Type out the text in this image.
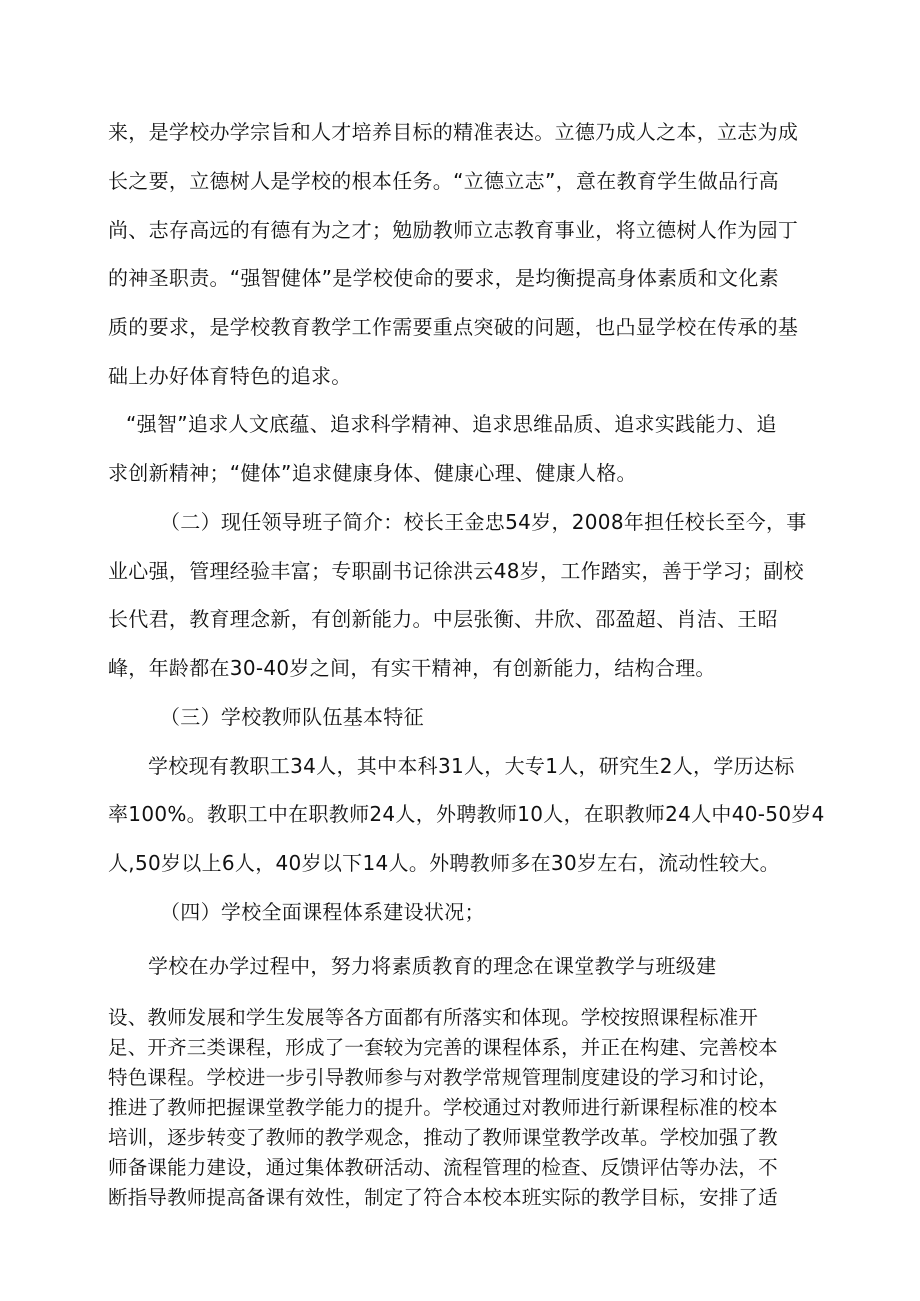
来，是学校办学宗旨和人才培养目标的精准表达。立德乃成人之本，立志为成
长之要，立德树人是学校的根本任务。“立德立志”，意在教育学生做品行高
尚、志存高远的有德有为之才；勉励教师立志教育事业，将立德树人作为园丁
的神圣职责。“强智健体”是学校使命的要求，是均衡提高身体素质和文化素
质的要求，是学校教育教学工作需要重点突破的问题，也凸显学校在传承的基
础上办好体育特色的追求。
“强智”追求人文底蕴、追求科学精神、追求思维品质、追求实践能力、追
求创新精神；“健体”追求健康身体、健康心理、健康人格。
（二）现任领导班子简介：校长王金忠54岁，2008年担任校长至今，事
业心强，管理经验丰富；专职副书记徐洪云48岁，工作踏实，善于学习；副校
长代君，教育理念新，有创新能力。中层张衡、井欣、邵盈超、肖洁、王昭
峰，年龄都在30-40岁之间，有实干精神，有创新能力，结构合理。
（三）学校教师队伍基本特征
学校现有教职工34人，其中本科31人，大专1人，研究生2人，学历达标
率100%。教职工中在职教师24人，外聘教师10人，在职教师24人中40-50岁4
人,50岁以上6人，40岁以下14人。外聘教师多在30岁左右，流动性较大。
（四）学校全面课程体系建设状况；
学校在办学过程中，努力将素质教育的理念在课堂教学与班级建
设、教师发展和学生发展等各方面都有所落实和体现。学校按照课程标准开
足、开齐三类课程，形成了一套较为完善的课程体系，并正在构建、完善校本
特色课程。学校进一步引导教师参与对教学常规管理制度建设的学习和讨论，
推进了教师把握课堂教学能力的提升。学校通过对教师进行新课程标准的校本
培训，逐步转变了教师的教学观念，推动了教师课堂教学改革。学校加强了教
师备课能力建设，通过集体教研活动、流程管理的检查、反馈评估等办法，不
断指导教师提高备课有效性，制定了符合本校本班实际的教学目标，安排了适
